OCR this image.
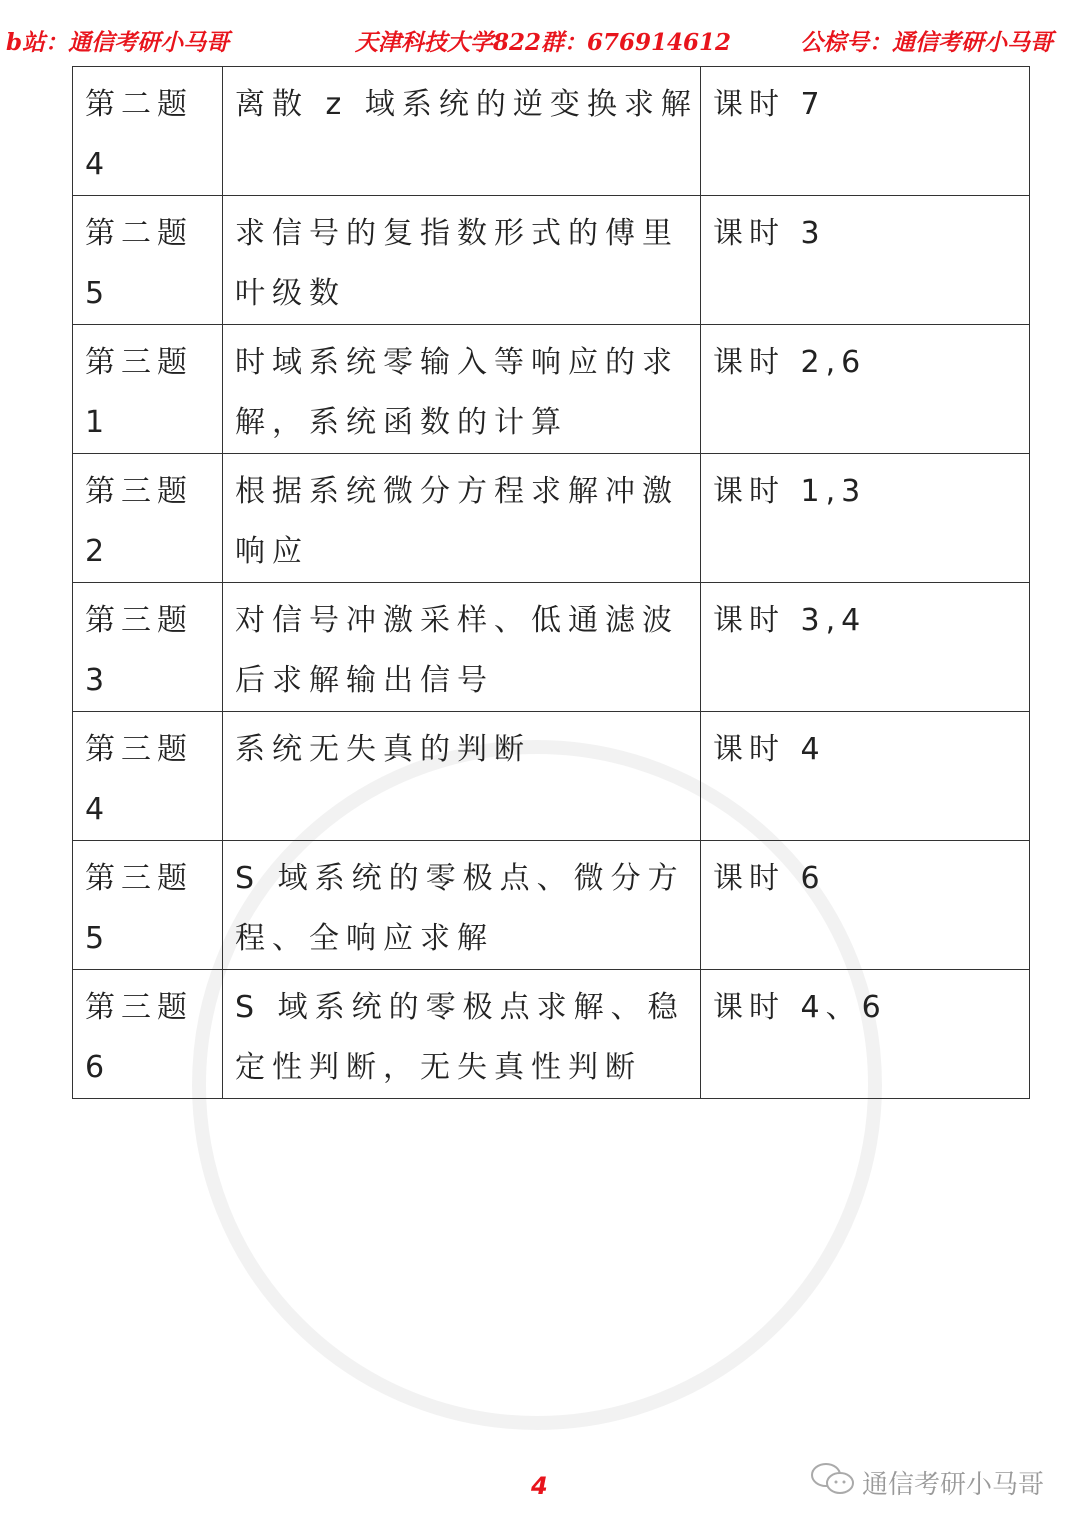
b站：通信考研小马哥	天津科技大学822群：676914612	公棕号：通信考研小马哥
第二题 4	离散 z 域系统的逆变换求解	课时 7
第二题 5	求信号的复指数形式的傅里叶级数	课时 3
第三题 1	时域系统零输入等响应的求解，系统函数的计算	课时 2,6
第三题 2	根据系统微分方程求解冲激响应	课时 1,3
第三题 3	对信号冲激采样、低通滤波后求解输出信号	课时 3,4
第三题 4	系统无失真的判断	课时 4
第三题 5	S 域系统的零极点、微分方程、全响应求解	课时 6
第三题 6	S 域系统的零极点求解、稳定性判断，无失真性判断	课时 4、6
4	通信考研小马哥
